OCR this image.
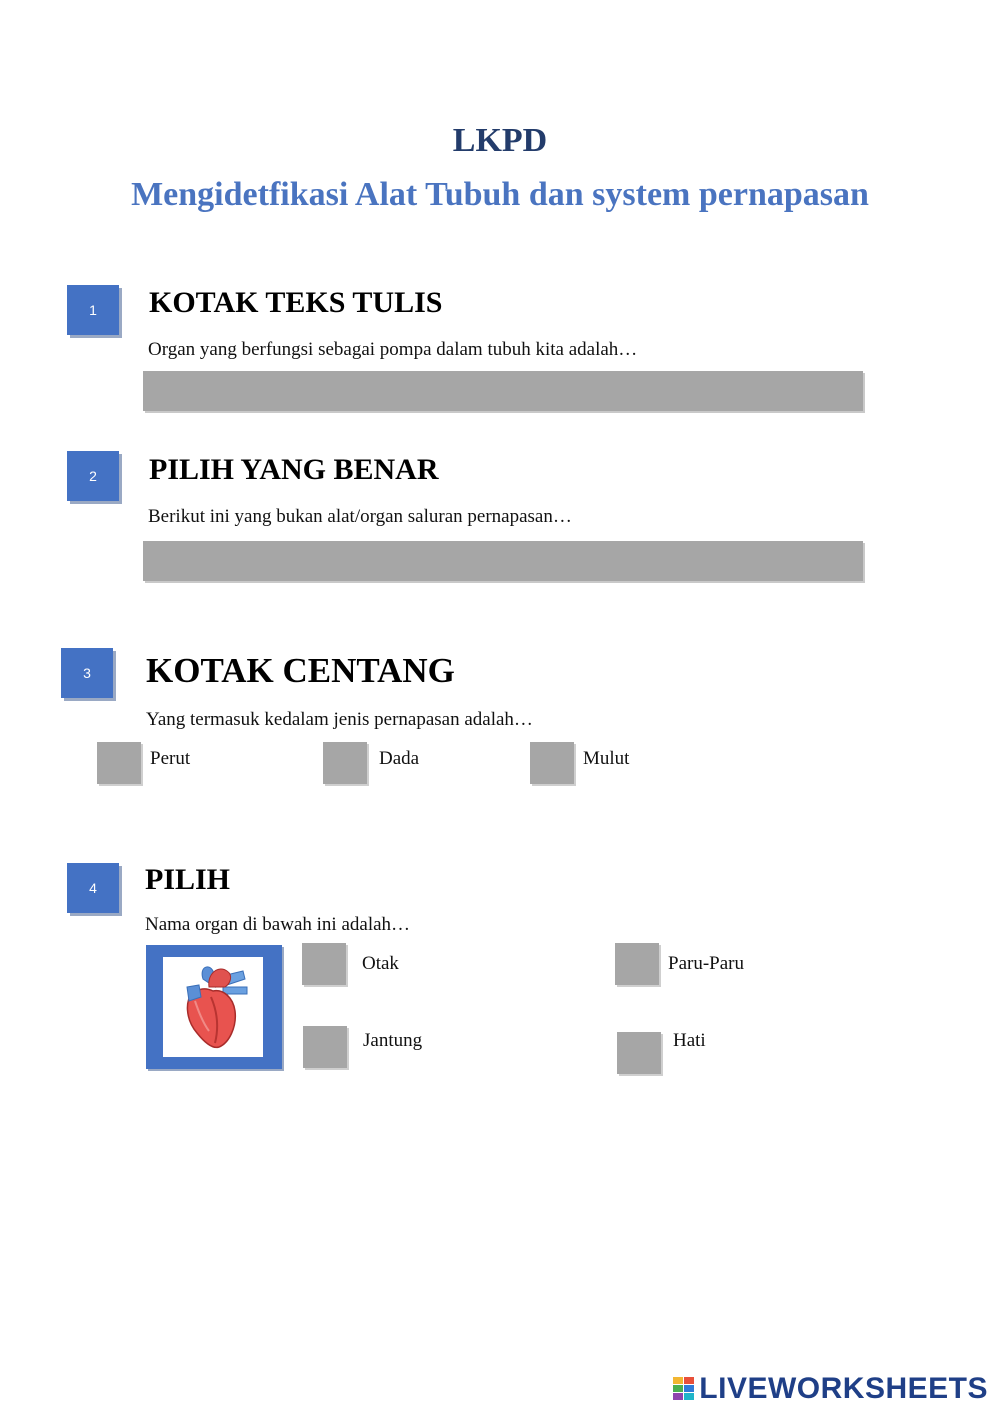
LKPD
Mengidetfikasi Alat Tubuh dan system pernapasan
1	KOTAK TEKS TULIS
Organ yang berfungsi sebagai pompa dalam tubuh kita adalah…
2	PILIH YANG BENAR
Berikut ini yang bukan alat/organ saluran pernapasan…
3	KOTAK CENTANG
Yang termasuk kedalam jenis pernapasan adalah…
Perut	Dada	Mulut
4	PILIH
Nama organ di bawah ini adalah…
Otak	Paru-Paru
Jantung	Hati
LIVEWORKSHEETS
